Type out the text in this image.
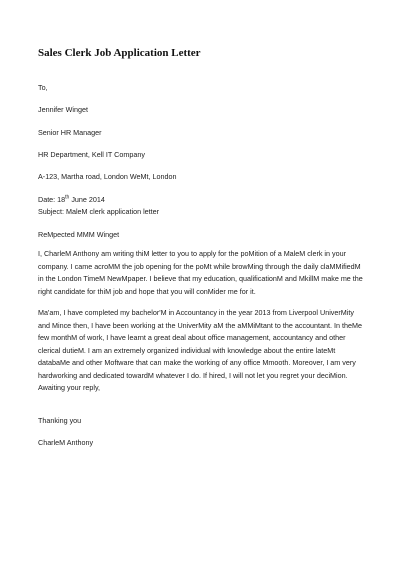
Sales Clerk Job Application Letter
To,
Jennifer Winget
Senior HR Manager
HR Department, Kell IT Company
A-123, Martha road, London WeMt, London
Date: 18th June 2014
Subject: MaleM clerk application letter
ReMpected MMM Winget
I, CharleM Anthony am writing thiM letter to you to apply for the poMition of a MaleM clerk in your
company. I came acroMM the job opening for the poMt while browMing through the daily claMMifiedM
in the London TimeM NewMpaper. I believe that my education, qualificationM and MkillM make me the
right candidate for thiM job and hope that you will conMider me for it.
Ma'am, I have completed my bachelor'M in Accountancy in the year 2013 from Liverpool UniverMity
and Mince then, I have been working at the UniverMity aM the aMMiMtant to the accountant. In theMe
few monthM of work, I have learnt a great deal about office management, accountancy and other
clerical dutieM. I am an extremely organized individual with knowledge about the entire lateMt
databaMe and other Moftware that can make the working of any office Mmooth. Moreover, I am very
hardworking and dedicated towardM whatever I do. If hired, I will not let you regret your deciMion.
Awaiting your reply,
Thanking you
CharleM Anthony
